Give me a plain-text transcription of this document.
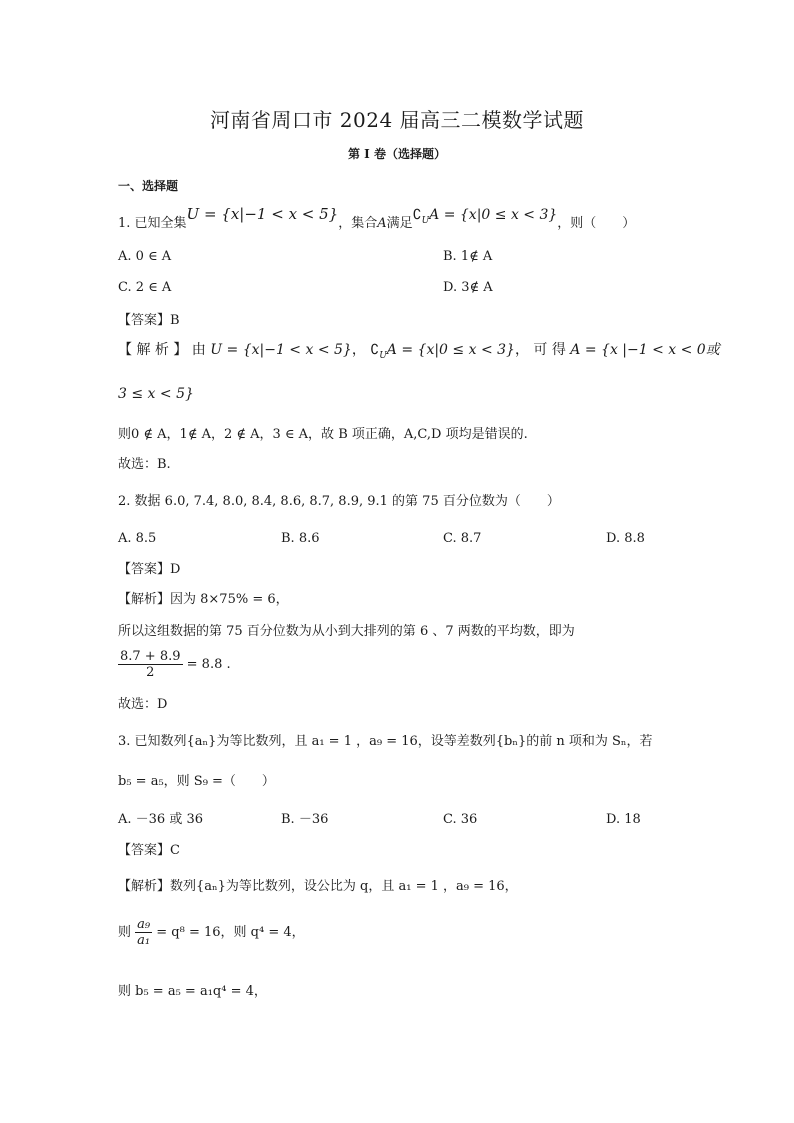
河南省周口市 2024 届高三二模数学试题
第 I 卷（选择题）
一、选择题
1. 已知全集U = {x|−1 < x < 5}，集合A满足$∁_UA = \{x|0 \le x < 3\}$，则（　　）
A. 0 ∈ A	B. 1∉ A
C. 2 ∈ A	D. 3∉ A
【答案】B
【 解 析 】 由 U = {x|−1 < x < 5}， $∁_UA = \{x|0 \le x < 3\}$， 可 得 A = {x |−1 < x < 0或
3 ≤ x < 5}
则0 ∉ A，1∉ A，2 ∉ A，3 ∈ A，故 B 项正确，A,C,D 项均是错误的.
故选：B.
2. 数据 6.0, 7.4, 8.0, 8.4, 8.6, 8.7, 8.9, 9.1 的第 75 百分位数为（　　）
A. 8.5	B. 8.6	C. 8.7	D. 8.8
【答案】D
【解析】因为 8×75% = 6，
所以这组数据的第 75 百分位数为从小到大排列的第 6 、7 两数的平均数，即为
$\frac{8.7 + 8.9}{2} = 8.8$ .
故选：D
3. 已知数列{aₙ}为等比数列，且 a₁ = 1 ，a₉ = 16，设等差数列{bₙ}的前 n 项和为 Sₙ，若
b₅ = a₅，则 S₉ =（　　）
A. －36 或 36	B. －36	C. 36	D. 18
【答案】C
【解析】数列{aₙ}为等比数列，设公比为 q，且 a₁ = 1 ，a₉ = 16，
则 $\frac{\text{a₉}}{\text{a₁}} = q^8 = 16$，则 q⁴ = 4，
则 b₅ = a₅ = a₁q⁴ = 4，
